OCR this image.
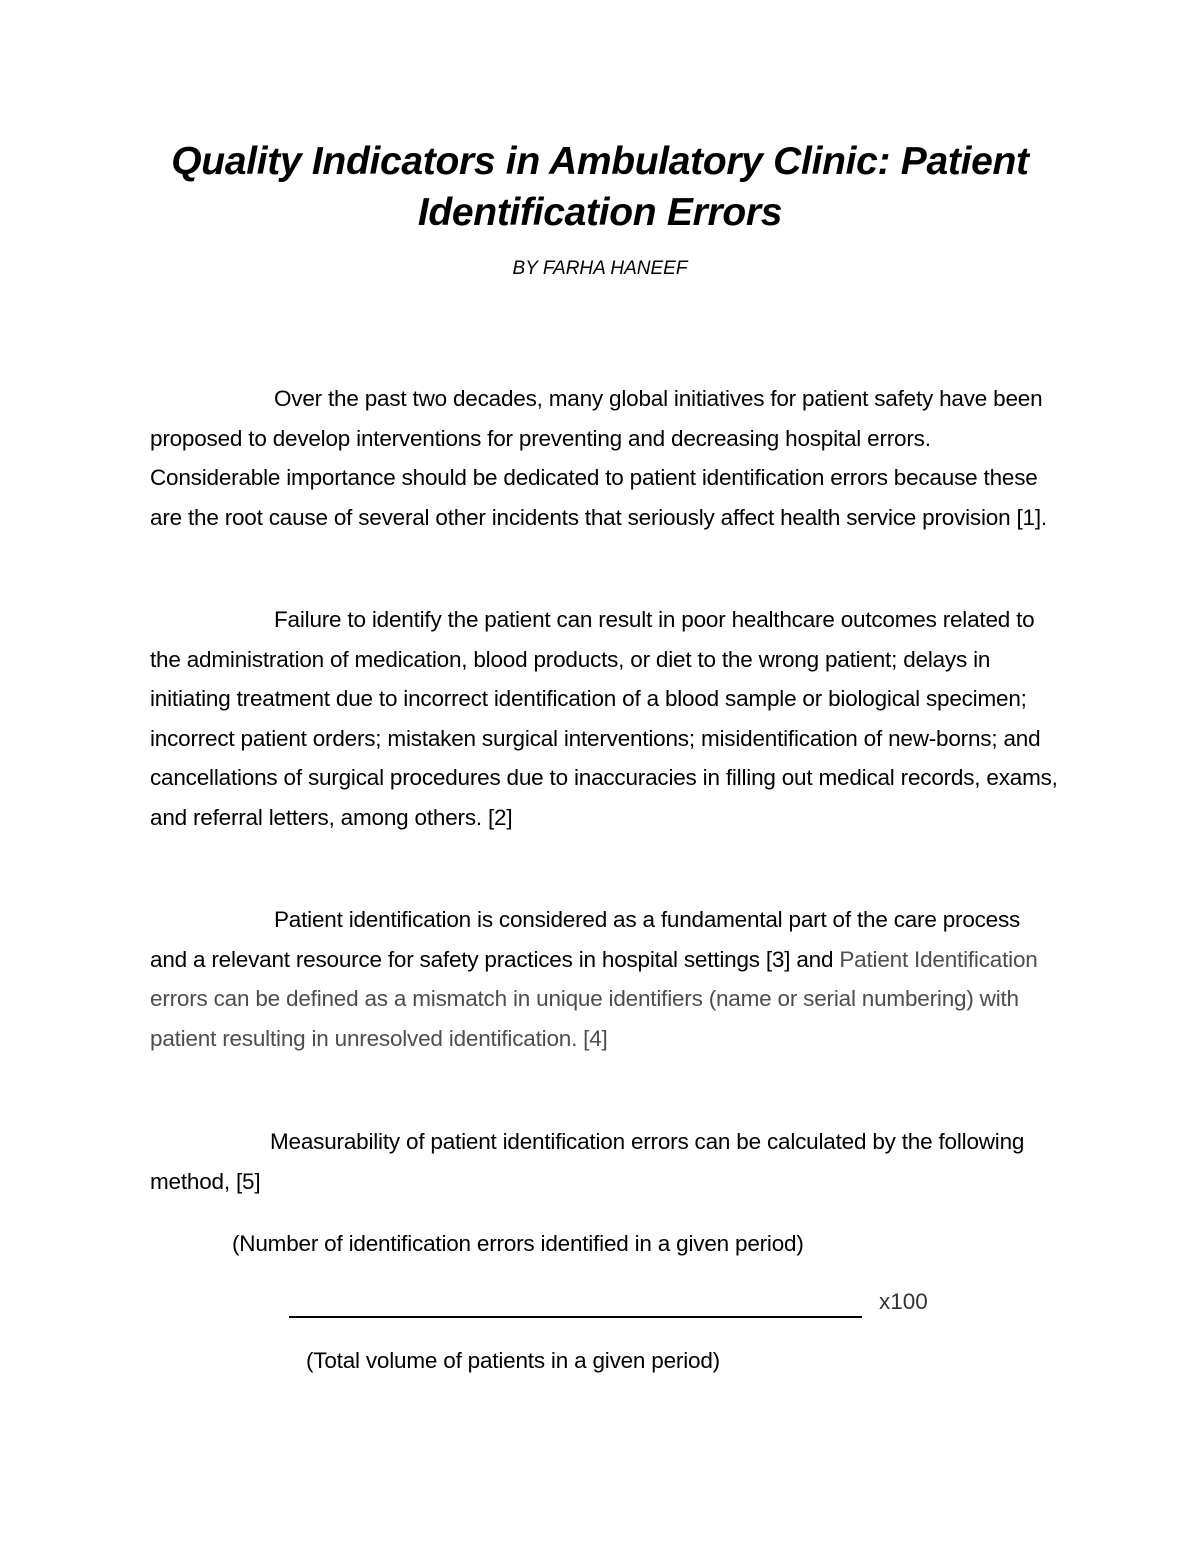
Quality Indicators in Ambulatory Clinic: Patient Identification Errors
BY FARHA HANEEF

Over the past two decades, many global initiatives for patient safety have been proposed to develop interventions for preventing and decreasing hospital errors. Considerable importance should be dedicated to patient identification errors because these are the root cause of several other incidents that seriously affect health service provision [1].

Failure to identify the patient can result in poor healthcare outcomes related to the administration of medication, blood products, or diet to the wrong patient; delays in initiating treatment due to incorrect identification of a blood sample or biological specimen; incorrect patient orders; mistaken surgical interventions; misidentification of new-borns; and cancellations of surgical procedures due to inaccuracies in filling out medical records, exams, and referral letters, among others. [2]

Patient identification is considered as a fundamental part of the care process and a relevant resource for safety practices in hospital settings [3] and Patient Identification errors can be defined as a mismatch in unique identifiers (name or serial numbering) with patient resulting in unresolved identification. [4]

Measurability of patient identification errors can be calculated by the following method, [5]

(Number of identification errors identified in a given period)
x100
(Total volume of patients in a given period)
